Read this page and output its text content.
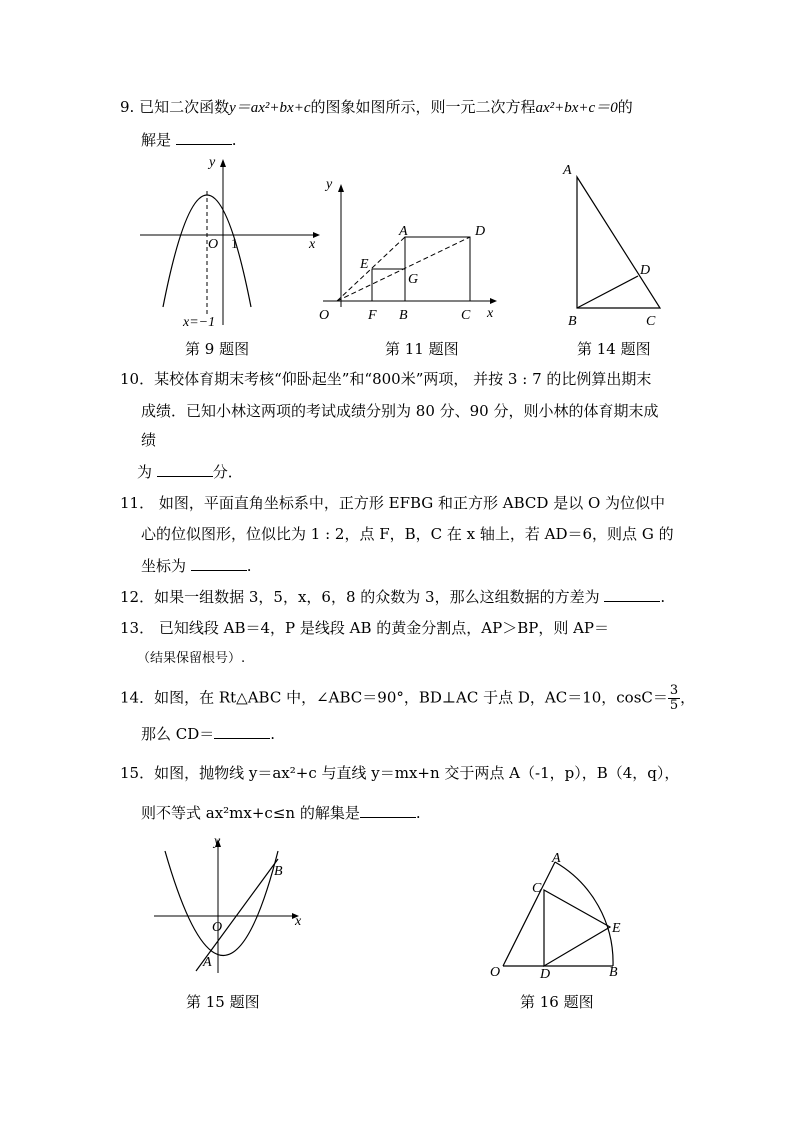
9. 已知二次函数y＝ax²+bx+c的图象如图所示，则一元二次方程ax²+bx+c＝0的
解是	.
y
x
O 1
x=−1
y
x
O
A	D
E
G
F B	C
A
B	C
D
第 9 题图	第 11 题图	第 14 题图
10．某校体育期末考核“仰卧起坐”和“800米”两项， 并按 3 : 7 的比例算出期末
成绩．已知小林这两项的考试成绩分别为 80 分、90 分，则小林的体育期末成
绩
为	分．
11． 如图，平面直角坐标系中，正方形 EFBG 和正方形 ABCD 是以 O 为位似中
心的位似图形，位似比为 1 : 2，点 F，B，C 在 x 轴上，若 AD＝6，则点 G 的
坐标为	.
12．如果一组数据 3，5，x，6，8 的众数为 3，那么这组数据的方差为	.
13． 已知线段 AB＝4，P 是线段 AB 的黄金分割点，AP＞BP，则 AP＝
（结果保留根号）.
14．如图，在 Rt△ABC 中，∠ABC＝90°，BD⊥AC 于点 D，AC＝10，$\cos C= \frac{3}{5}$ ，
那么 CD＝	.
15．如图，抛物线 y＝ax²+c 与直线 y＝mx+n 交于两点 A（-1，p），B（4，q），
则不等式 ax²mx+c≤n 的解集是	.
y
x
O
A
B
A
B
C
D
E
O
第 15 题图	第 16 题图
